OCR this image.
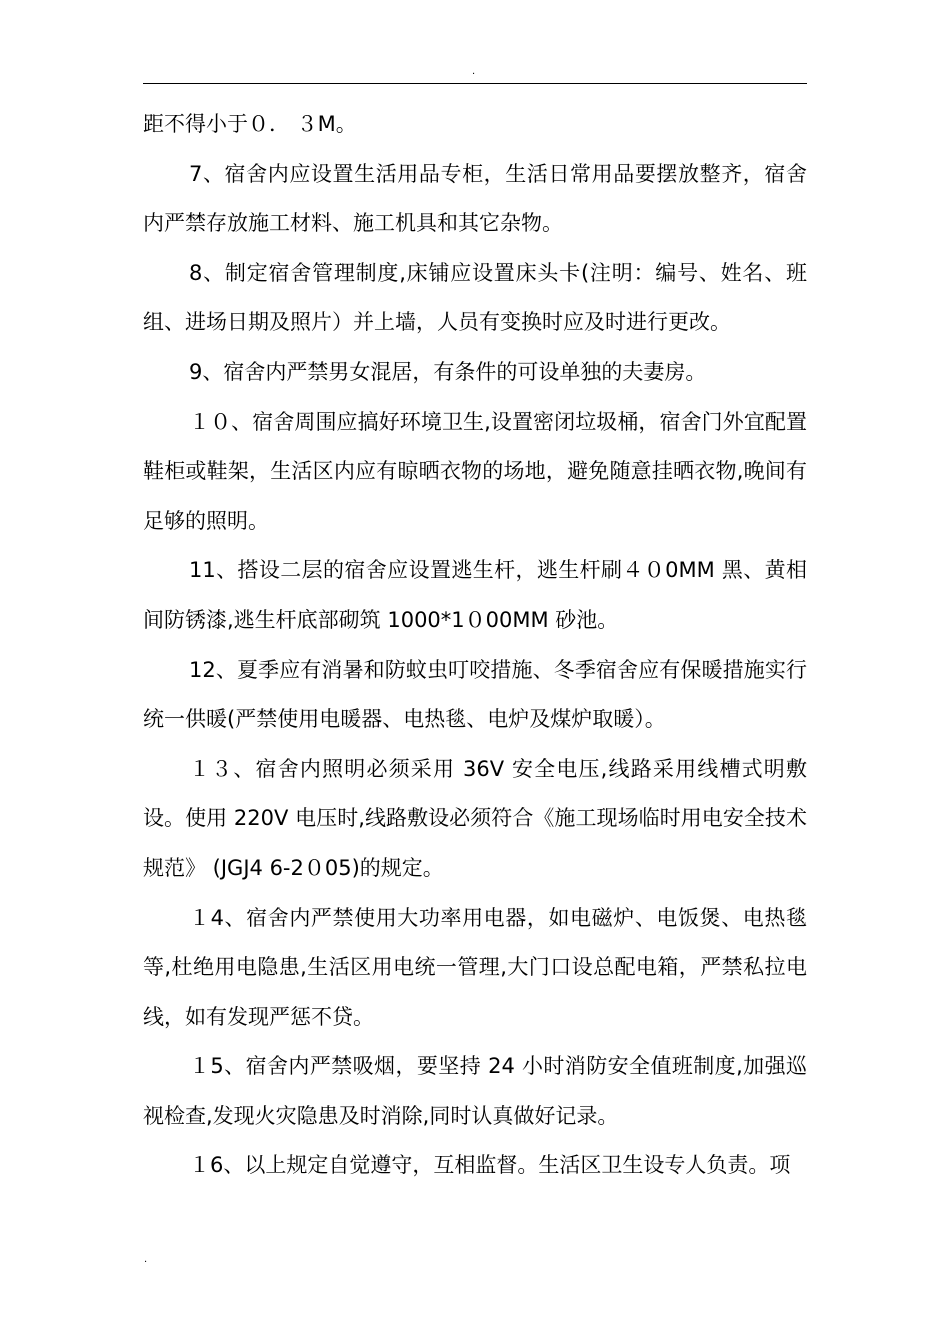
.

距不得小于０． ３M。

7、宿舍内应设置生活用品专柜，生活日常用品要摆放整齐，宿舍内严禁存放施工材料、施工机具和其它杂物。

8、制定宿舍管理制度,床铺应设置床头卡(注明：编号、姓名、班组、进场日期及照片）并上墙，人员有变换时应及时进行更改。

9、宿舍内严禁男女混居，有条件的可设单独的夫妻房。

１０、宿舍周围应搞好环境卫生,设置密闭垃圾桶，宿舍门外宜配置鞋柜或鞋架，生活区内应有晾晒衣物的场地，避免随意挂晒衣物,晚间有足够的照明。

11、搭设二层的宿舍应设置逃生杆，逃生杆刷４０0MM 黑、黄相间防锈漆,逃生杆底部砌筑 1000*1０00MM 砂池。

12、夏季应有消暑和防蚊虫叮咬措施、冬季宿舍应有保暖措施实行统一供暖(严禁使用电暖器、电热毯、电炉及煤炉取暖）。

１３、宿舍内照明必须采用 36V 安全电压,线路采用线槽式明敷设。使用 220V 电压时,线路敷设必须符合《施工现场临时用电安全技术规范》 (JGJ4 6-2０05)的规定。

１4、宿舍内严禁使用大功率用电器，如电磁炉、电饭煲、电热毯等,杜绝用电隐患,生活区用电统一管理,大门口设总配电箱，严禁私拉电线，如有发现严惩不贷。

１5、宿舍内严禁吸烟，要坚持 24 小时消防安全值班制度,加强巡视检查,发现火灾隐患及时消除,同时认真做好记录。

１6、以上规定自觉遵守，互相监督。生活区卫生设专人负责。项

.
